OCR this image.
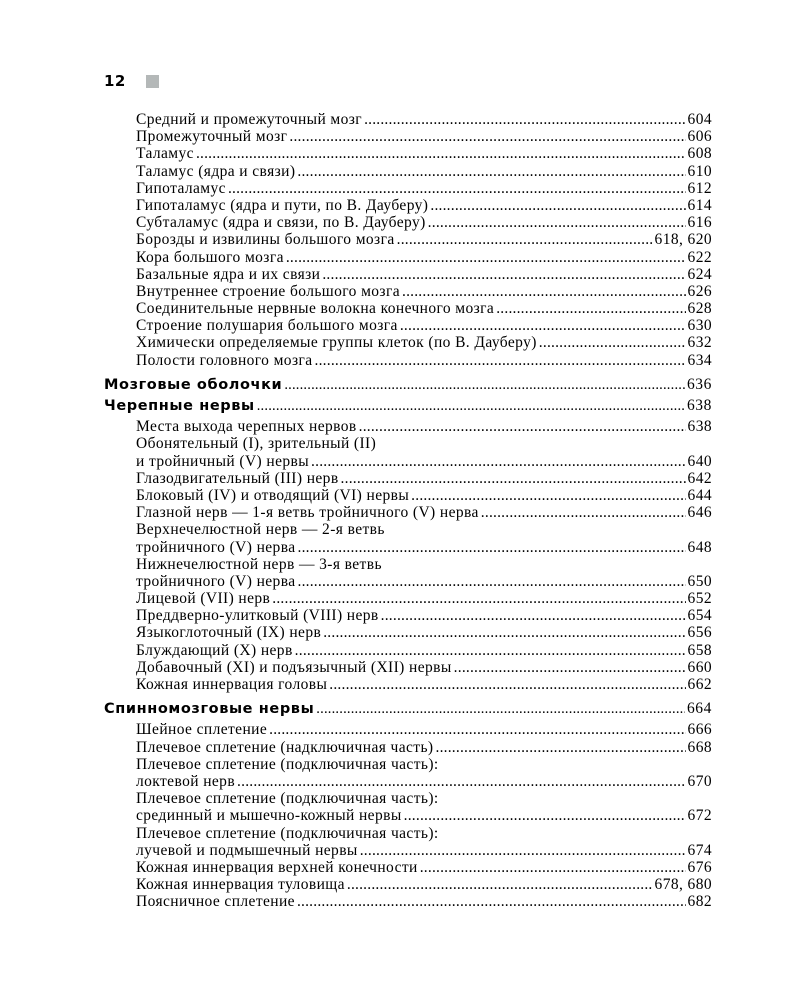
12
Средний и промежуточный мозг .....	604
Промежуточный мозг .....	606
Таламус .....	608
Таламус (ядра и связи) .....	610
Гипоталамус .....	612
Гипоталамус (ядра и пути, по В. Дауберу) .....	614
Субталамус (ядра и связи, по В. Дауберу) .....	616
Борозды и извилины большого мозга .....	618, 620
Кора большого мозга .....	622
Базальные ядра и их связи .....	624
Внутреннее строение большого мозга .....	626
Соединительные нервные волокна конечного мозга .....	628
Строение полушария большого мозга .....	630
Химически определяемые группы клеток (по В. Дауберу) .....	632
Полости головного мозга .....	634
Мозговые оболочки .....	636
Черепные нервы .....	638
Места выхода черепных нервов .....	638
Обонятельный (I), зрительный (II)
и тройничный (V) нервы .....	640
Глазодвигательный (III) нерв .....	642
Блоковый (IV) и отводящий (VI) нервы .....	644
Глазной нерв — 1-я ветвь тройничного (V) нерва .....	646
Верхнечелюстной нерв — 2-я ветвь
тройничного (V) нерва .....	648
Нижнечелюстной нерв — 3-я ветвь
тройничного (V) нерва .....	650
Лицевой (VII) нерв .....	652
Преддверно-улитковый (VIII) нерв .....	654
Языкоглоточный (IX) нерв .....	656
Блуждающий (X) нерв .....	658
Добавочный (XI) и подъязычный (XII) нервы .....	660
Кожная иннервация головы .....	662
Спинномозговые нервы .....	664
Шейное сплетение .....	666
Плечевое сплетение (надключичная часть) .....	668
Плечевое сплетение (подключичная часть):
локтевой нерв .....	670
Плечевое сплетение (подключичная часть):
срединный и мышечно-кожный нервы .....	672
Плечевое сплетение (подключичная часть):
лучевой и подмышечный нервы .....	674
Кожная иннервация верхней конечности .....	676
Кожная иннервация туловища .....	678, 680
Поясничное сплетение .....	682
